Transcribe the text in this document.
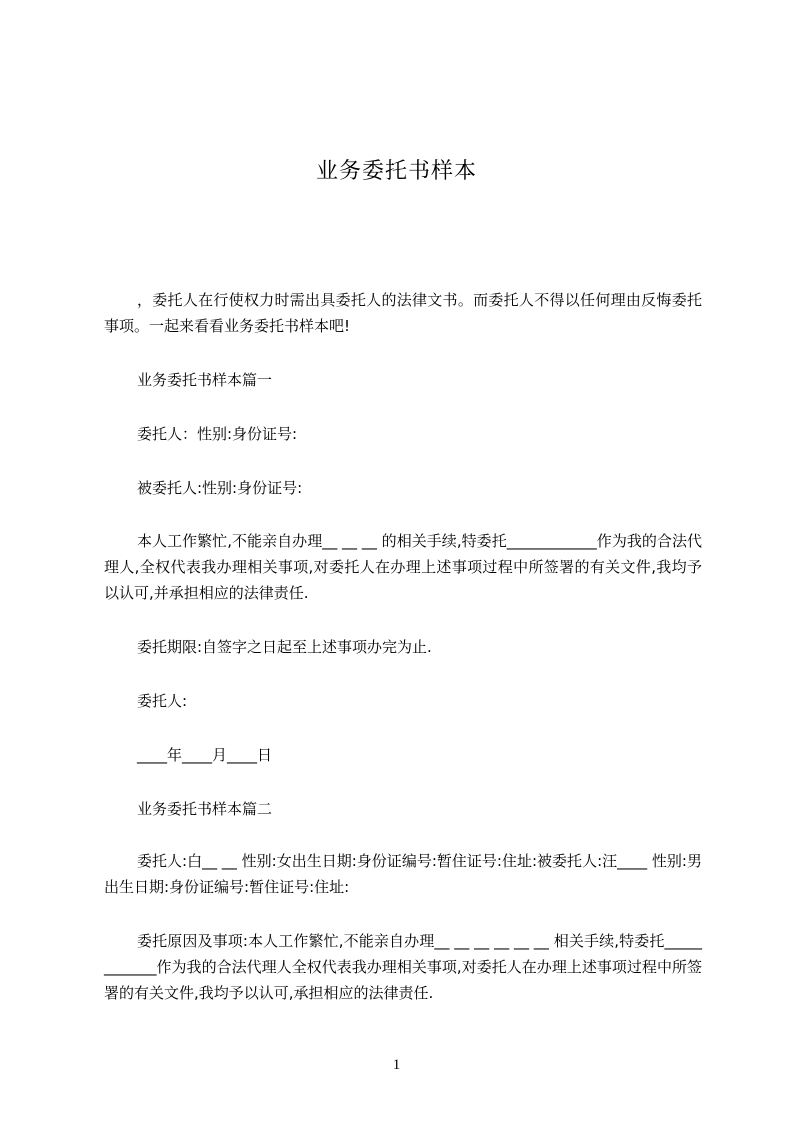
业务委托书样本

，委托人在行使权力时需出具委托人的法律文书。而委托人不得以任何理由反悔委托事项。一起来看看业务委托书样本吧!

业务委托书样本篇一

委托人：性别:身份证号:

被委托人:性别:身份证号:

本人工作繁忙,不能亲自办理__ __ __ 的相关手续,特委托____________作为我的合法代理人,全权代表我办理相关事项,对委托人在办理上述事项过程中所签署的有关文件,我均予以认可,并承担相应的法律责任.

委托期限:自签字之日起至上述事项办完为止.

委托人:

____年____月____日

业务委托书样本篇二

委托人:白__ __ 性别:女出生日期:身份证编号:暂住证号:住址:被委托人:汪____ 性别:男出生日期:身份证编号:暂住证号:住址:

委托原因及事项:本人工作繁忙,不能亲自办理__ __ __ __ __ __ 相关手续,特委托____________作为我的合法代理人全权代表我办理相关事项,对委托人在办理上述事项过程中所签署的有关文件,我均予以认可,承担相应的法律责任.

1
